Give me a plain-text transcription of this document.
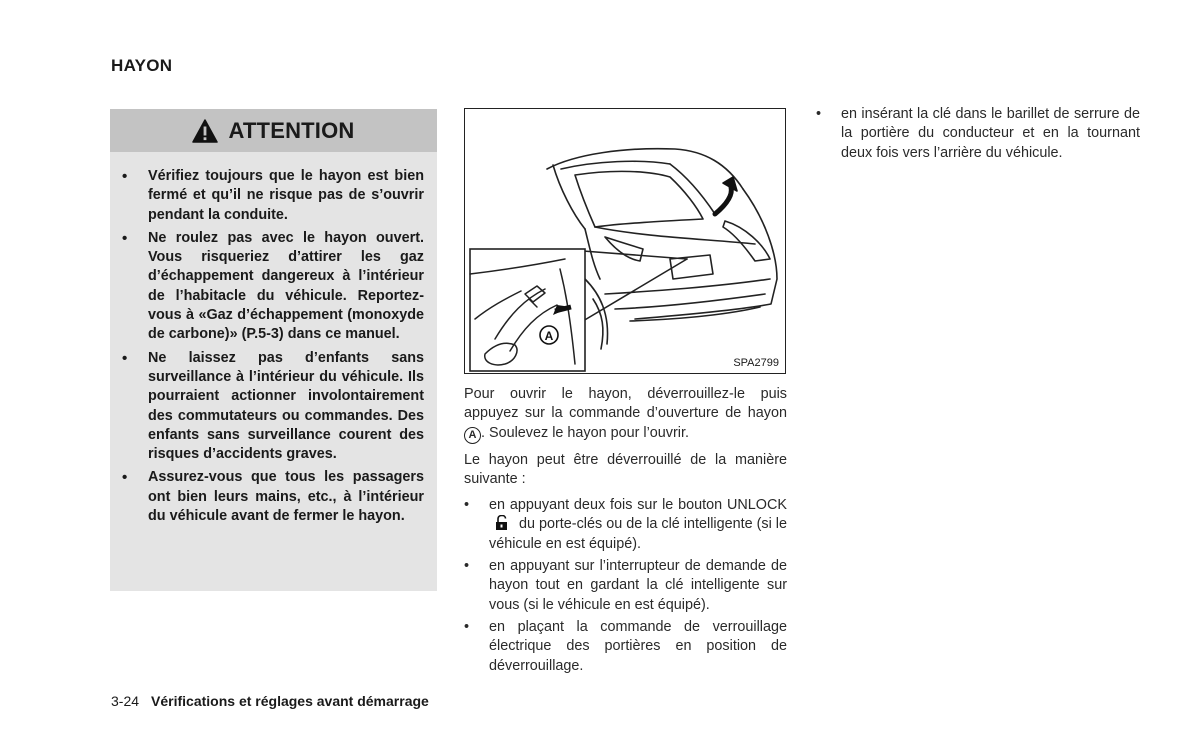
HAYON
ATTENTION
• Vérifiez toujours que le hayon est bien fermé et qu’il ne risque pas de s’ouvrir pendant la conduite.
• Ne roulez pas avec le hayon ouvert. Vous risqueriez d’attirer les gaz d’échappement dangereux à l’intérieur de l’habitacle du véhicule. Reportez-vous à «Gaz d’échappement (monoxyde de carbone)» (P.5-3) dans ce manuel.
• Ne laissez pas d’enfants sans surveillance à l’intérieur du véhicule. Ils pourraient actionner involontairement des commutateurs ou commandes. Des enfants sans surveillance courent des risques d’accidents graves.
• Assurez-vous que tous les passagers ont bien leurs mains, etc., à l’intérieur du véhicule avant de fermer le hayon.
A
SPA2799

Pour ouvrir le hayon, déverrouillez-le puis appuyez sur la commande d’ouverture de hayon A . Soulevez le hayon pour l’ouvrir.

Le hayon peut être déverrouillé de la manière suivante :

• en appuyant deux fois sur le bouton UNLOCK  du porte-clés ou de la clé intelligente (si le véhicule en est équipé).
• en appuyant sur l’interrupteur de demande de hayon tout en gardant la clé intelligente sur vous (si le véhicule en est équipé).
• en plaçant la commande de verrouillage électrique des portières en position de déverrouillage.
• en insérant la clé dans le barillet de serrure de la portière du conducteur et en la tournant deux fois vers l’arrière du véhicule.
3-24 Vérifications et réglages avant démarrage
